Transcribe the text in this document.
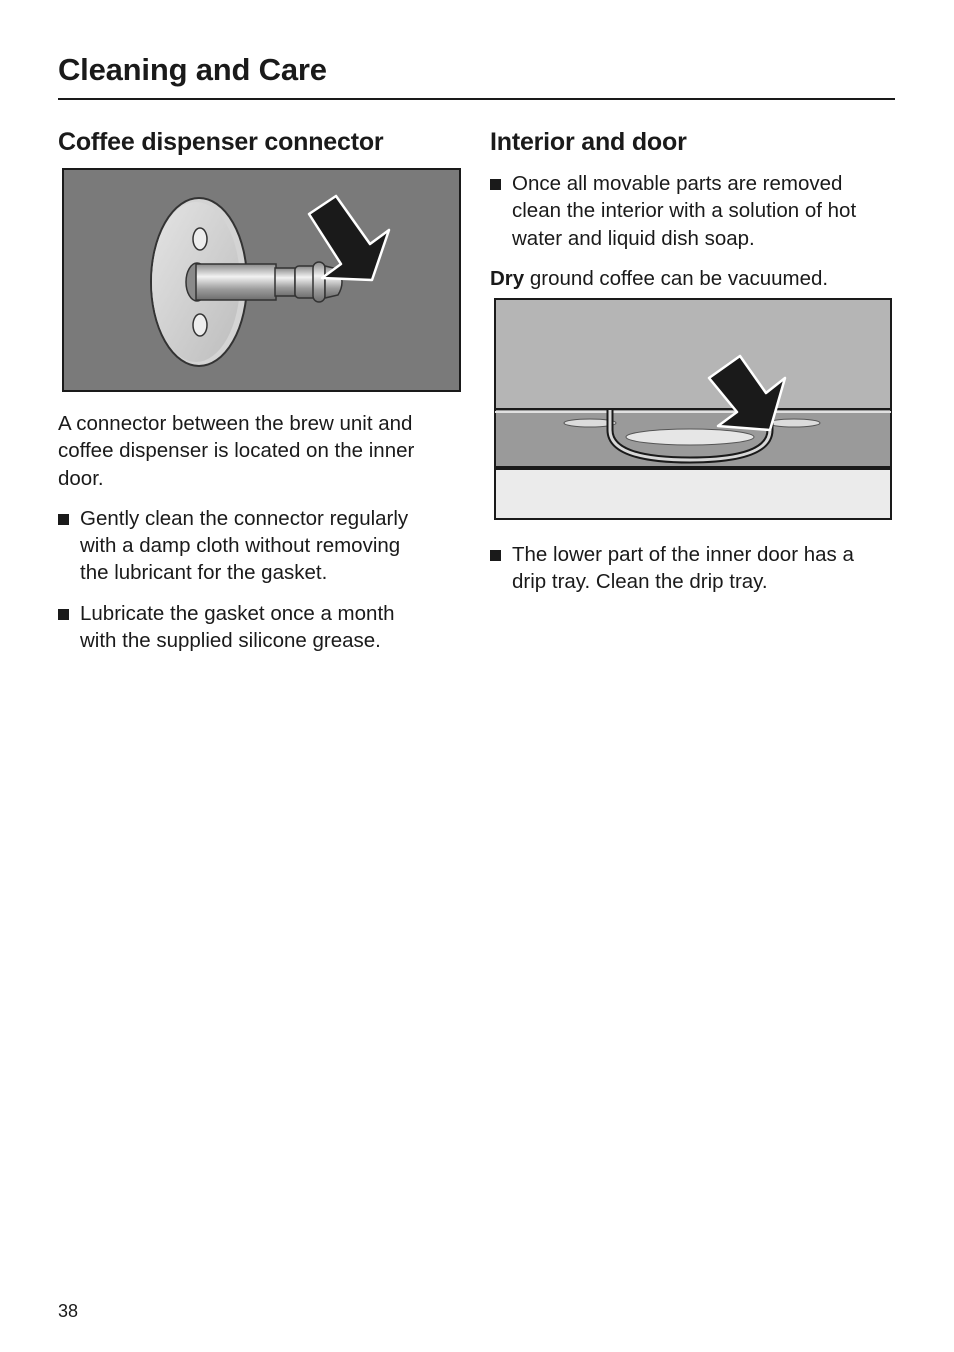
Cleaning and Care
Coffee dispenser connector

A connector between the brew unit and
coffee dispenser is located on the inner
door.

Gently clean the connector regularly
with a damp cloth without removing
the lubricant for the gasket.

Lubricate the gasket once a month
with the supplied silicone grease.

Interior and door

Once all movable parts are removed
clean the interior with a solution of hot
water and liquid dish soap.

Dry ground coffee can be vacuumed.

The lower part of the inner door has a
drip tray. Clean the drip tray.

38
